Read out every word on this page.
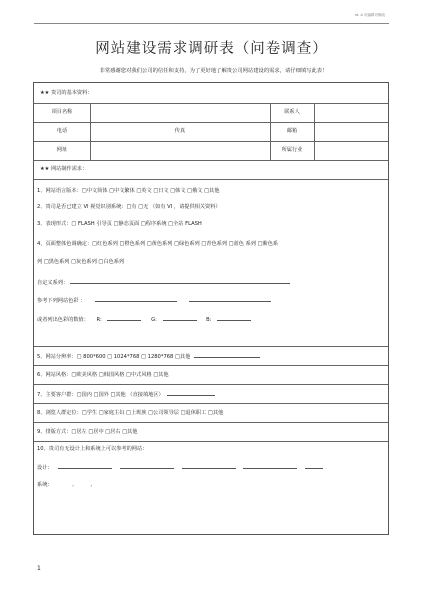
rd. A 可编辑可修改
网站建设需求调研表（问卷调查）
非常感谢您对我们公司的信任和支持，为了更好地了解贵公司网站建设的需求，请仔细填写此表！
★★ 贵司的基本资料：
项目名称	联系人
电话	传真	邮箱
网址	所属行业
★★ 网站制作需求：
1、网站语言版本：□中文简体 □中文繁体 □英文 □日文 □韩文 □俄文 □其他
2、贵司是否已建立 VI 视觉识别系统：□有 □无 （如有 VI ，请提供相关资料）
3、表现形式：□ FLASH 引导页 □静态页面 □程序系统 □全站 FLASH
4、页面整体色调确定：□红色系列 □橙色系列 □黄色系列 □绿色系列 □青色系列 □蓝色 系列 □紫色系
列 □黑色系列 □灰色系列 □白色系列
自定义系列：
参考下列网站色彩 ：
或者列出色彩的数值： R:	G:	B:
5、网站分辨率：□ 800*600 □ 1024*768 □ 1280*768 □其他
6、网站风格：□欧美风格 □韩国风格 □中式风格 □其他
7、主要客户群：□国内 □国外 □其他 （直接填地区）
8、浏览人群定位：□学生 □家庭主妇 □上班族 □公司领导层 □退休职工 □其他
9、排版方式：□居左 □居中 □居右 □其他
10、贵司有无设计上和系统上可以参考的网站：
设计：
系统：	,          ,
1
